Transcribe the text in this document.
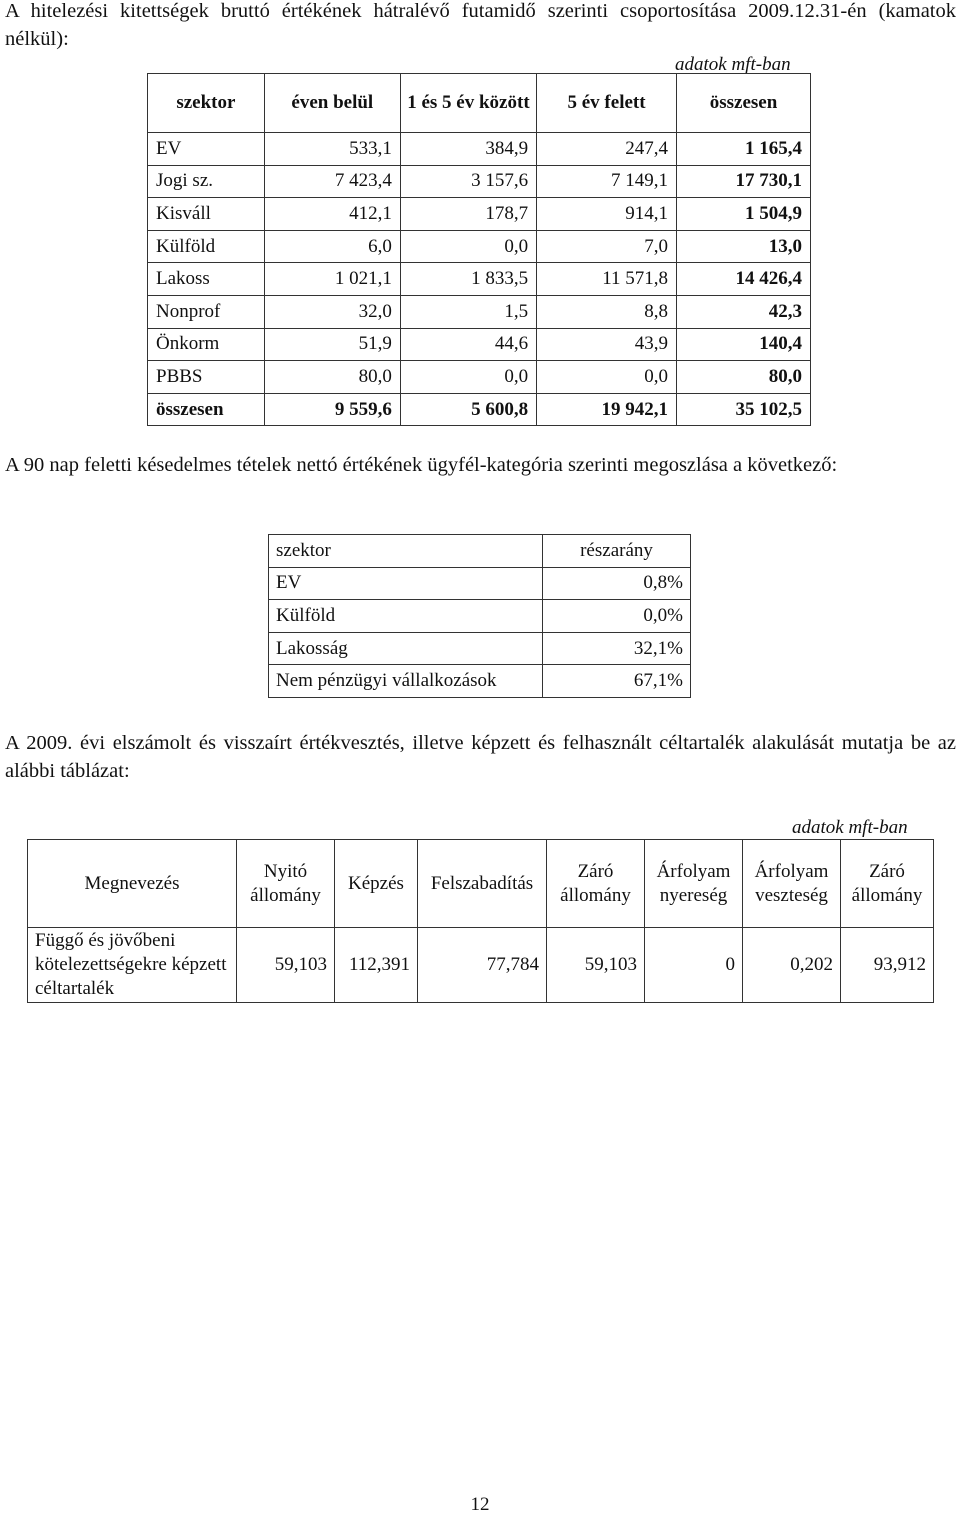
A hitelezési kitettségek bruttó értékének hátralévő futamidő szerinti csoportosítása 2009.12.31-én (kamatok nélkül):

adatok mft-ban
szektor	éven belül	1 és 5 év között	5 év felett	összesen
EV	533,1	384,9	247,4	1 165,4
Jogi sz.	7 423,4	3 157,6	7 149,1	17 730,1
Kisváll	412,1	178,7	914,1	1 504,9
Külföld	6,0	0,0	7,0	13,0
Lakoss	1 021,1	1 833,5	11 571,8	14 426,4
Nonprof	32,0	1,5	8,8	42,3
Önkorm	51,9	44,6	43,9	140,4
PBBS	80,0	0,0	0,0	80,0
összesen	9 559,6	5 600,8	19 942,1	35 102,5

A 90 nap feletti késedelmes tételek nettó értékének ügyfél-kategória szerinti megoszlása a következő:

szektor	részarány
EV	0,8%
Külföld	0,0%
Lakosság	32,1%
Nem pénzügyi vállalkozások	67,1%

A 2009. évi elszámolt és visszaírt értékvesztés, illetve képzett és felhasznált céltartalék alakulását mutatja be az alábbi táblázat:

adatok mft-ban
Megnevezés	Nyitó állomány	Képzés	Felszabadítás	Záró állomány	Árfolyam nyereség	Árfolyam veszteség	Záró állomány
Függő és jövőbeni kötelezettségekre képzett céltartalék	59,103	112,391	77,784	59,103	0	0,202	93,912
12
